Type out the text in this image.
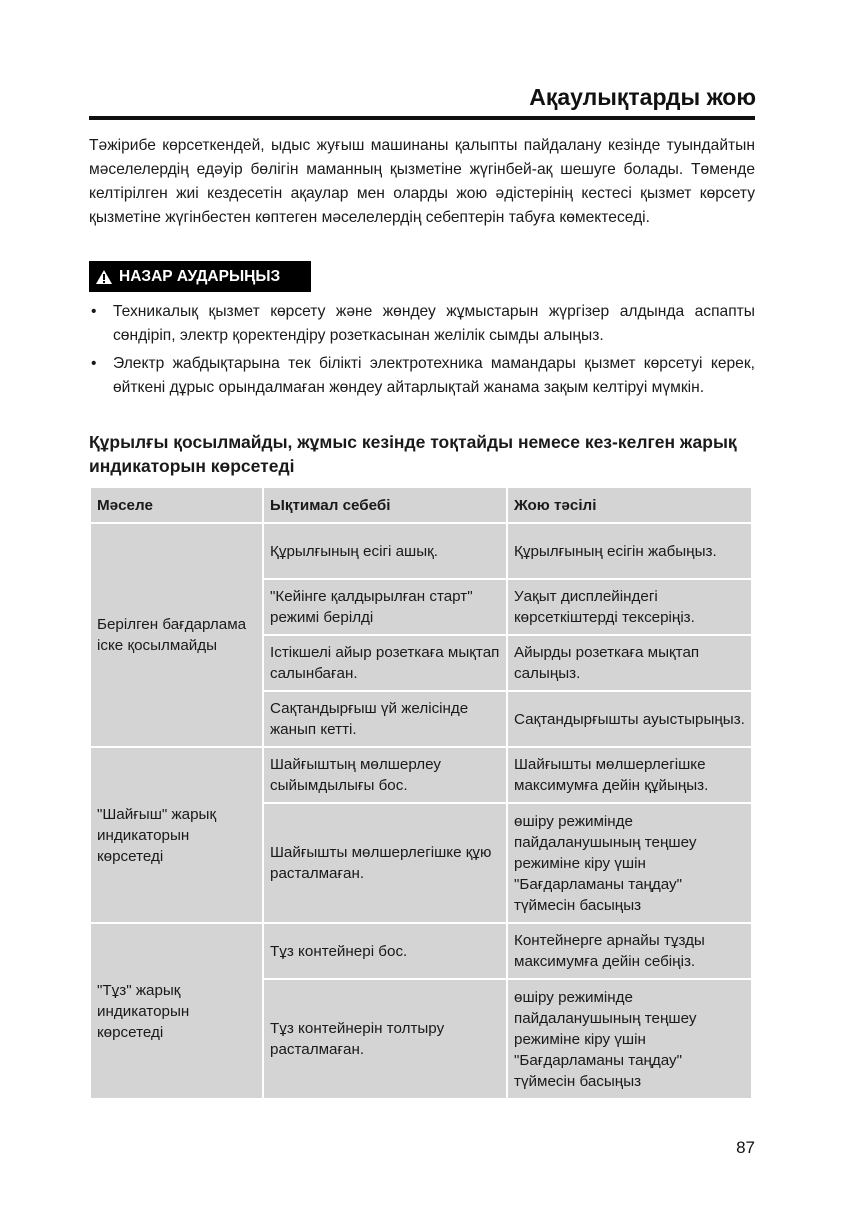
Ақаулықтарды жою

Тәжірибе көрсеткендей, ыдыс жуғыш машинаны қалыпты пайдалану кезінде туындайтын мәселелердің едәуір бөлігін маманның қызметіне жүгінбей-ақ шешуге болады. Төменде келтірілген жиі кездесетін ақаулар мен оларды жою әдістерінің кестесі қызмет көрсету қызметіне жүгінбестен көптеген мәселелердің себептерін табуға көмектеседі.

НАЗАР АУДАРЫҢЫЗ
• Техникалық қызмет көрсету және жөндеу жұмыстарын жүргізер алдында аспапты сөндіріп, электр қоректендіру розеткасынан желілік сымды алыңыз.
• Электр жабдықтарына тек білікті электротехника мамандары қызмет көрсетуі керек, өйткені дұрыс орындалмаған жөндеу айтарлықтай жанама зақым келтіруі мүмкін.
Құрылғы қосылмайды, жұмыс кезінде тоқтайды немесе кез-келген жарық индикаторын көрсетеді
Мәселе	Ықтимал себебі	Жою тәсілі
Берілген бағдарлама іске қосылмайды	Құрылғының есігі ашық.	Құрылғының есігін жабыңыз.
	"Кейінге қалдырылған старт" режимі берілді	Уақыт дисплейіндегі көрсеткіштерді тексеріңіз.
	Істікшелі айыр розеткаға мықтап салынбаған.	Айырды розеткаға мықтап салыңыз.
	Сақтандырғыш үй желісінде жанып кетті.	Сақтандырғышты ауыстырыңыз.
"Шайғыш" жарық индикаторын көрсетеді	Шайғыштың мөлшерлеу сыйымдылығы бос.	Шайғышты мөлшерлегішке максимумға дейін құйыңыз.
	Шайғышты мөлшерлегішке құю расталмаған.	өшіру режимінде пайдаланушының теңшеу режиміне кіру үшін "Бағдарламаны таңдау" түймесін басыңыз
"Тұз" жарық индикаторын көрсетеді	Тұз контейнері бос.	Контейнерге арнайы тұзды максимумға дейін себіңіз.
	Тұз контейнерін толтыру расталмаған.	өшіру режимінде пайдаланушының теңшеу режиміне кіру үшін "Бағдарламаны таңдау" түймесін басыңыз
87
